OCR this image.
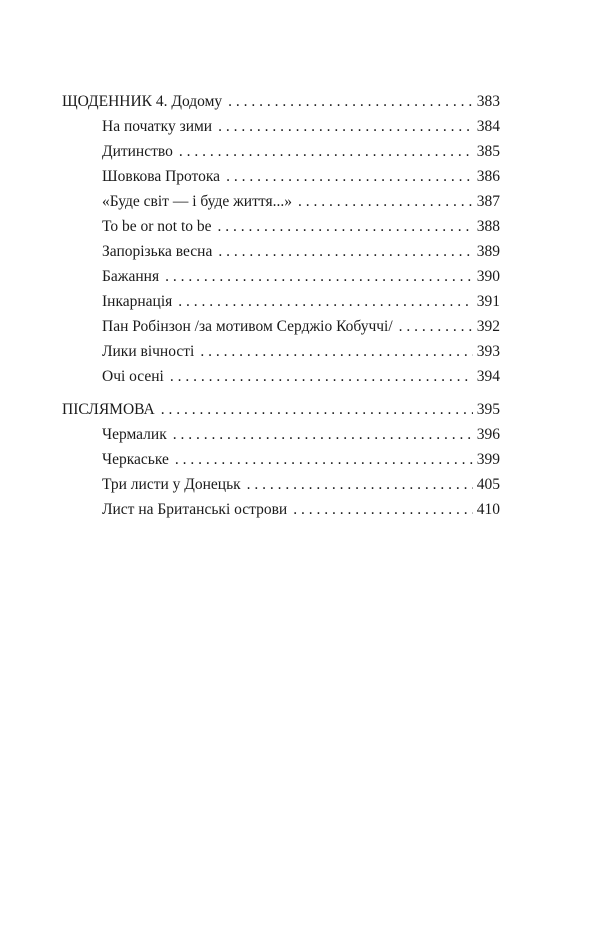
ЩОДЕННИК 4. Додому . . .	383
На початку зими . . .	384
Дитинство . . .	385
Шовкова Протока . . .	386
«Буде світ — і буде життя...» . . .	387
To be or not to be . . .	388
Запорізька весна . . .	389
Бажання . . .	390
Інкарнація . . .	391
Пан Робінзон /за мотивом Серджіо Кобуччі/ . . .	392
Лики вічності . . .	393
Очі осені . . .	394
ПІСЛЯМОВА . . .	395
Чермалик . . .	396
Черкаське . . .	399
Три листи у Донецьк . . .	405
Лист на Британські острови . . .	410
